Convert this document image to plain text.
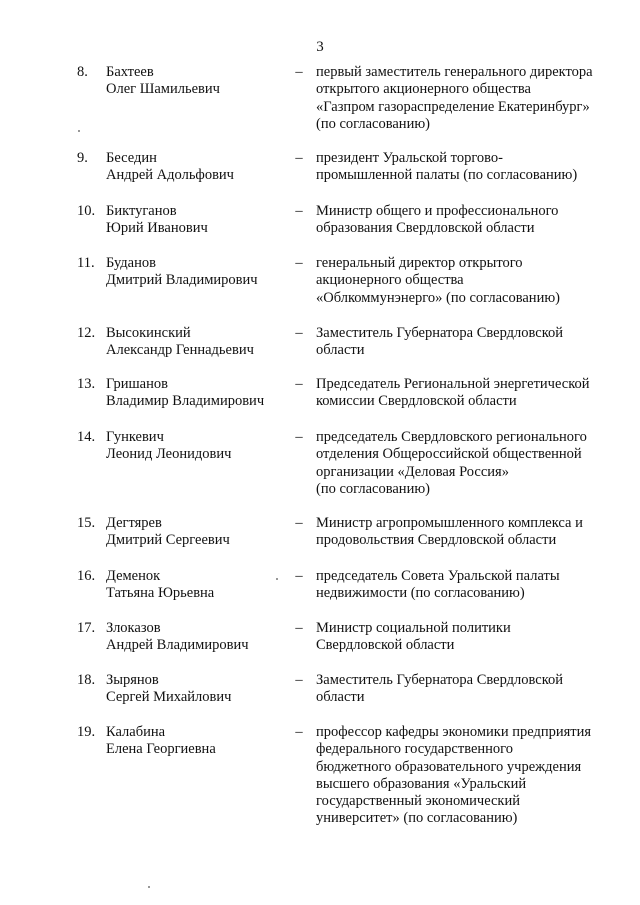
3
8.	Бахтеев
Олег Шамильевич
– первый заместитель генерального директора
открытого акционерного общества
«Газпром газораспределение Екатеринбург»
(по согласованию)
9.	Беседин
Андрей Адольфович
– президент Уральской торгово-
промышленной палаты (по согласованию)
10. Биктуганов
Юрий Иванович
– Министр общего и профессионального
образования Свердловской области
11. Буданов
Дмитрий Владимирович
– генеральный директор открытого
акционерного общества
«Облкоммунэнерго» (по согласованию)
12. Высокинский
Александр Геннадьевич
– Заместитель Губернатора Свердловской
области
13. Гришанов
Владимир Владимирович
– Председатель Региональной энергетической
комиссии Свердловской области
14. Гункевич
Леонид Леонидович
– председатель Свердловского регионального
отделения Общероссийской общественной
организации «Деловая Россия»
(по согласованию)
15. Дегтярев
Дмитрий Сергеевич
– Министр агропромышленного комплекса и
продовольствия Свердловской области
16. Деменок
Татьяна Юрьевна
– председатель Совета Уральской палаты
недвижимости (по согласованию)
17. Злоказов
Андрей Владимирович
– Министр социальной политики
Свердловской области
18. Зырянов
Сергей Михайлович
– Заместитель Губернатора Свердловской
области
19. Калабина
Елена Георгиевна
– профессор кафедры экономики предприятия
федерального государственного
бюджетного образовательного учреждения
высшего образования «Уральский
государственный экономический
университет» (по согласованию)
